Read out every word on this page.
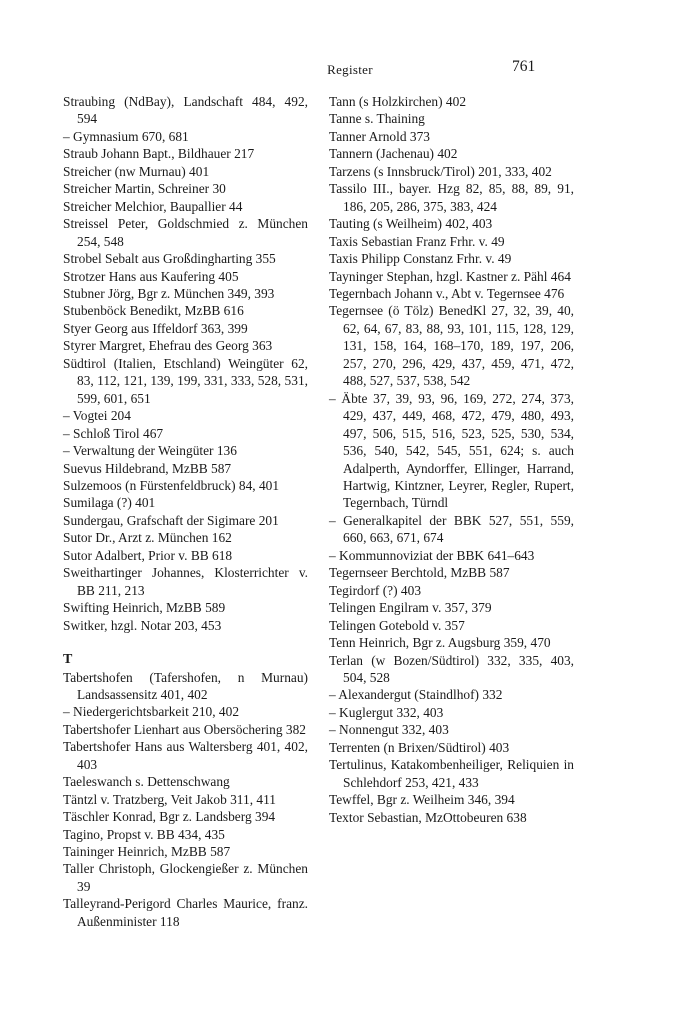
Register	761
Straubing (NdBay), Landschaft 484, 492, 594
– Gymnasium 670, 681
Straub Johann Bapt., Bildhauer 217
Streicher (nw Murnau) 401
Streicher Martin, Schreiner 30
Streicher Melchior, Baupallier 44
Streissel Peter, Goldschmied z. München 254, 548
Strobel Sebalt aus Großdingharting 355
Strotzer Hans aus Kaufering 405
Stubner Jörg, Bgr z. München 349, 393
Stubenböck Benedikt, MzBB 616
Styer Georg aus Iffeldorf 363, 399
Styrer Margret, Ehefrau des Georg 363
Südtirol (Italien, Etschland) Weingüter 62, 83, 112, 121, 139, 199, 331, 333, 528, 531, 599, 601, 651
– Vogtei 204
– Schloß Tirol 467
– Verwaltung der Weingüter 136
Suevus Hildebrand, MzBB 587
Sulzemoos (n Fürstenfeldbruck) 84, 401
Sumilaga (?) 401
Sundergau, Grafschaft der Sigimare 201
Sutor Dr., Arzt z. München 162
Sutor Adalbert, Prior v. BB 618
Sweithartinger Johannes, Klosterrichter v. BB 211, 213
Swifting Heinrich, MzBB 589
Switker, hzgl. Notar 203, 453
T
Tabertshofen (Tafershofen, n Murnau) Landsassensitz 401, 402
– Niedergerichtsbarkeit 210, 402
Tabertshofer Lienhart aus Obersöchering 382
Tabertshofer Hans aus Waltersberg 401, 402, 403
Taeleswanch s. Dettenschwang
Täntzl v. Tratzberg, Veit Jakob 311, 411
Täschler Konrad, Bgr z. Landsberg 394
Tagino, Propst v. BB 434, 435
Taininger Heinrich, MzBB 587
Taller Christoph, Glockengießer z. München 39
Talleyrand-Perigord Charles Maurice, franz. Außenminister 118
Tann (s Holzkirchen) 402
Tanne s. Thaining
Tanner Arnold 373
Tannern (Jachenau) 402
Tarzens (s Innsbruck/Tirol) 201, 333, 402
Tassilo III., bayer. Hzg 82, 85, 88, 89, 91, 186, 205, 286, 375, 383, 424
Tauting (s Weilheim) 402, 403
Taxis Sebastian Franz Frhr. v. 49
Taxis Philipp Constanz Frhr. v. 49
Tayninger Stephan, hzgl. Kastner z. Pähl 464
Tegernbach Johann v., Abt v. Tegernsee 476
Tegernsee (ö Tölz) BenedKl 27, 32, 39, 40, 62, 64, 67, 83, 88, 93, 101, 115, 128, 129, 131, 158, 164, 168–170, 189, 197, 206, 257, 270, 296, 429, 437, 459, 471, 472, 488, 527, 537, 538, 542
– Äbte 37, 39, 93, 96, 169, 272, 274, 373, 429, 437, 449, 468, 472, 479, 480, 493, 497, 506, 515, 516, 523, 525, 530, 534, 536, 540, 542, 545, 551, 624; s. auch Adalperth, Ayndorffer, Ellinger, Harrand, Hartwig, Kintzner, Leyrer, Regler, Rupert, Tegernbach, Türndl
– Generalkapitel der BBK 527, 551, 559, 660, 663, 671, 674
– Kommunnoviziat der BBK 641–643
Tegernseer Berchtold, MzBB 587
Tegirdorf (?) 403
Telingen Engilram v. 357, 379
Telingen Gotebold v. 357
Tenn Heinrich, Bgr z. Augsburg 359, 470
Terlan (w Bozen/Südtirol) 332, 335, 403, 504, 528
– Alexandergut (Staindlhof) 332
– Kuglergut 332, 403
– Nonnengut 332, 403
Terrenten (n Brixen/Südtirol) 403
Tertulinus, Katakombenheiliger, Reliquien in Schlehdorf 253, 421, 433
Tewffel, Bgr z. Weilheim 346, 394
Textor Sebastian, MzOttobeuren 638
